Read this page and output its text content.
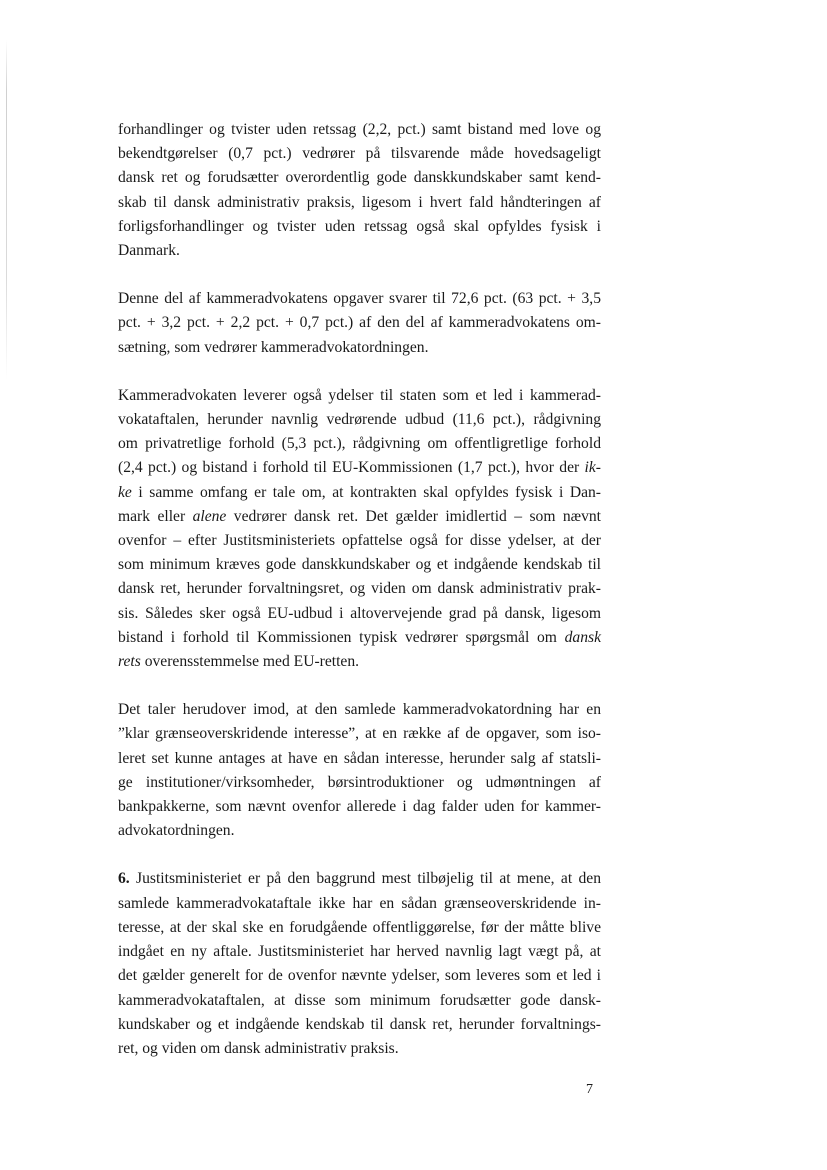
forhandlinger og tvister uden retssag (2,2, pct.) samt bistand med love og
bekendtgørelser (0,7 pct.) vedrører på tilsvarende måde hovedsageligt
dansk ret og forudsætter overordentlig gode danskkundskaber samt kend-
skab til dansk administrativ praksis, ligesom i hvert fald håndteringen af
forligsforhandlinger og tvister uden retssag også skal opfyldes fysisk i
Danmark.

Denne del af kammeradvokatens opgaver svarer til 72,6 pct. (63 pct. + 3,5
pct. + 3,2 pct. + 2,2 pct. + 0,7 pct.) af den del af kammeradvokatens om-
sætning, som vedrører kammeradvokatordningen.

Kammeradvokaten leverer også ydelser til staten som et led i kammerad-
vokataftalen, herunder navnlig vedrørende udbud (11,6 pct.), rådgivning
om privatretlige forhold (5,3 pct.), rådgivning om offentligretlige forhold
(2,4 pct.) og bistand i forhold til EU-Kommissionen (1,7 pct.), hvor der ik-
ke i samme omfang er tale om, at kontrakten skal opfyldes fysisk i Dan-
mark eller alene vedrører dansk ret. Det gælder imidlertid – som nævnt
ovenfor – efter Justitsministeriets opfattelse også for disse ydelser, at der
som minimum kræves gode danskkundskaber og et indgående kendskab til
dansk ret, herunder forvaltningsret, og viden om dansk administrativ prak-
sis. Således sker også EU-udbud i altovervejende grad på dansk, ligesom
bistand i forhold til Kommissionen typisk vedrører spørgsmål om dansk
rets overensstemmelse med EU-retten.

Det taler herudover imod, at den samlede kammeradvokatordning har en
”klar grænseoverskridende interesse”, at en række af de opgaver, som iso-
leret set kunne antages at have en sådan interesse, herunder salg af statsli-
ge institutioner/virksomheder, børsintroduktioner og udmøntningen af
bankpakkerne, som nævnt ovenfor allerede i dag falder uden for kammer-
advokatordningen.

6. Justitsministeriet er på den baggrund mest tilbøjelig til at mene, at den
samlede kammeradvokataftale ikke har en sådan grænseoverskridende in-
teresse, at der skal ske en forudgående offentliggørelse, før der måtte blive
indgået en ny aftale. Justitsministeriet har herved navnlig lagt vægt på, at
det gælder generelt for de ovenfor nævnte ydelser, som leveres som et led i
kammeradvokataftalen, at disse som minimum forudsætter gode dansk-
kundskaber og et indgående kendskab til dansk ret, herunder forvaltnings-
ret, og viden om dansk administrativ praksis.

7
